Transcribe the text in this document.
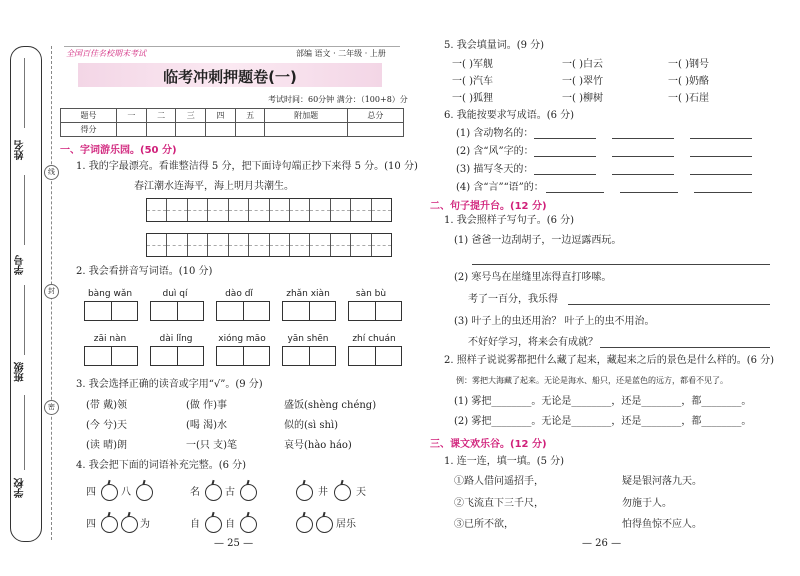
姓名
学号
班级
学校
线
封
密
全国百佳名校期末考试	部编 语文 · 二年级 · 上册
临考冲刺押题卷(一)
考试时间：60分钟 满分：（100+8）分
题号	一	二	三	四	五	附加题	总分
得分							
一、字词游乐园。(50 分)
1. 我的字最漂亮。看谁整洁得 5 分，把下面诗句端正抄下来得 5 分。(10 分)
春江潮水连海平，海上明月共潮生。
2. 我会看拼音写词语。(10 分)
bàng wǎn	duì qí	dào dǐ	zhǎn xiàn	sàn bù
zāi nàn	dài lǐng	xióng māo	yān shēn	zhí chuán
3. 我会选择正确的读音或字用“√”。(9 分)
(带 戴)领	(做 作)事	盛饭(shèng chéng)
(今 兮)天	(喝 渴)水	似的(sì shì)
(读 晴)朗	一(只 支)笔	哀号(hào háo)
4. 我会把下面的词语补充完整。(6 分)
四	八	名	古	井	天
四	为	自	自	居乐
— 25 —
5. 我会填量词。(9 分)
一( )军舰	一( )白云	一( )钢号
一( )汽车	一( )翠竹	一( )奶酪
一( )狐狸	一( )柳树	一( )石崖
6. 我能按要求写成语。(6 分)
(1) 含动物名的：
(2) 含“风”字的：
(3) 描写冬天的：
(4) 含“言”“语”的：
二、句子提升台。(12 分)
1. 我会照样子写句子。(6 分)
(1) 爸爸一边刮胡子，一边逗露西玩。
(2) 寒号鸟在崖缝里冻得直打哆嗦。
考了一百分，我乐得
(3) 叶子上的虫还用治？ 叶子上的虫不用治。
不好好学习，将来会有成就？
2. 照样子说说雾都把什么藏了起来，藏起来之后的景色是什么样的。(6 分)
例：雾把大海藏了起来。无论是海水、船只，还是蓝色的远方，都看不见了。
(1) 雾把________。无论是________，还是________，都________。
(2) 雾把________。无论是________，还是________，都________。
三、课文欢乐谷。(12 分)
1. 连一连，填一填。(5 分)
①路人借问遥招手，	疑是银河落九天。
②飞流直下三千尺，	勿施于人。
③已所不欲，	怕得鱼惊不应人。
— 26 —
